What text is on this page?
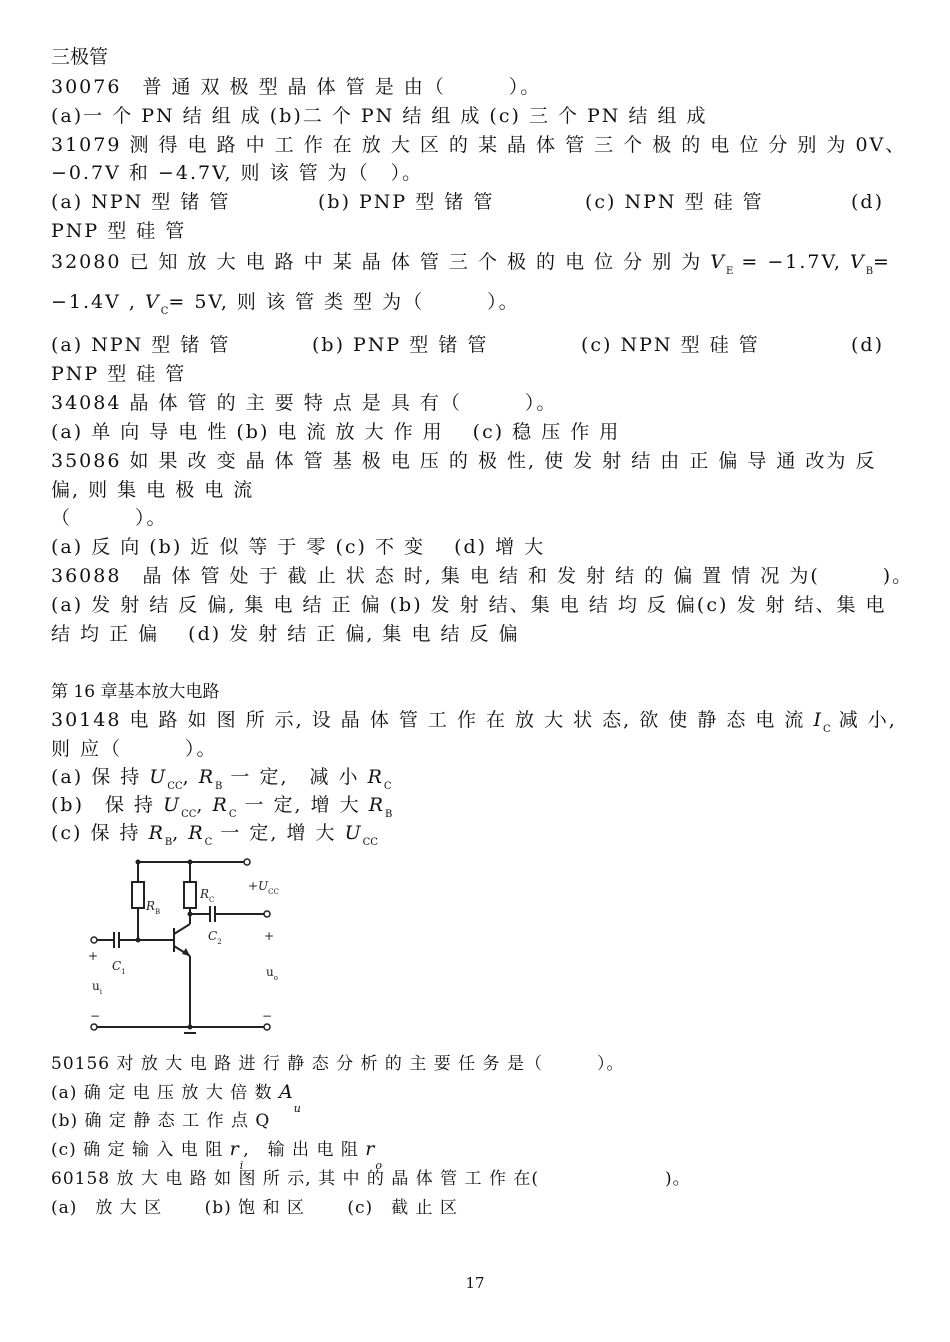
三极管
30076　普 通 双 极 型 晶 体 管 是 由（　　　）。
(a)一 个 PN 结 组 成 (b)二 个 PN 结 组 成 (c) 三 个 PN 结 组 成
31079 测 得 电 路 中 工 作 在 放 大 区 的 某 晶 体 管 三 个 极 的 电 位 分 别 为 0V、
−0.7V 和 −4.7V, 则 该 管 为（　）。
(a) NPN 型 锗 管	(b) PNP 型 锗 管	(c) NPN 型 硅 管	(d)
PNP 型 硅 管
32080 已 知 放 大 电 路 中 某 晶 体 管 三 个 极 的 电 位 分 别 为 $V_E = -1.7V$, $V_B=$
−1.4V , $V_C= 5V$, 则 该 管 类 型 为（　　　）。
(a) NPN 型 锗 管	(b) PNP 型 锗 管	(c) NPN 型 硅 管	(d)
PNP 型 硅 管
34084 晶 体 管 的 主 要 特 点 是 具 有（　　　）。
(a) 单 向 导 电 性 (b) 电 流 放 大 作 用　 (c) 稳 压 作 用
35086 如 果 改 变 晶 体 管 基 极 电 压 的 极 性, 使 发 射 结 由 正 偏 导 通 改为 反
偏, 则 集 电 极 电 流
（　　　）。
(a) 反 向 (b) 近 似 等 于 零 (c) 不 变　 (d) 增 大
36088　晶 体 管 处 于 截 止 状 态 时, 集 电 结 和 发 射 结 的 偏 置 情 况 为(　　　)。
(a) 发 射 结 反 偏, 集 电 结 正 偏 (b) 发 射 结、集 电 结 均 反 偏(c) 发 射 结、集 电
结 均 正 偏　 (d) 发 射 结 正 偏, 集 电 结 反 偏
第 16 章基本放大电路
30148 电 路 如 图 所 示, 设 晶 体 管 工 作 在 放 大 状 态, 欲 使 静 态 电 流 $I_C$ 减 小,
则 应（　　　）。
(a) 保 持 $U_{CC}$, $R_B$ 一 定,　减 小 $R_C$
(b)　保 持 $U_{CC}$, $R_C$ 一 定, 增 大 $R_B$
(c) 保 持 $R_B$, $R_C$ 一 定, 增 大 $U_{CC}$
$R_B$
$R_C$
$+U_{CC}$
$C_2$
$C_1$
+
+
$u_i$
$u_o$
−	−
50156 对 放 大 电 路 进 行 静 态 分 析 的 主 要 任 务 是（　　　）。
(a) 确 定 电 压 放 大 倍 数 $A_u$
(b) 确 定 静 态 工 作 点 Q
(c) 确 定 输 入 电 阻 $r_i$,　输 出 电 阻 $r_o$
60158 放 大 电 路 如 图 所 示, 其 中 的 晶 体 管 工 作 在(　　　　　　　)。
(a)　放 大 区　　 (b) 饱 和 区　　 (c)　截 止 区
17
